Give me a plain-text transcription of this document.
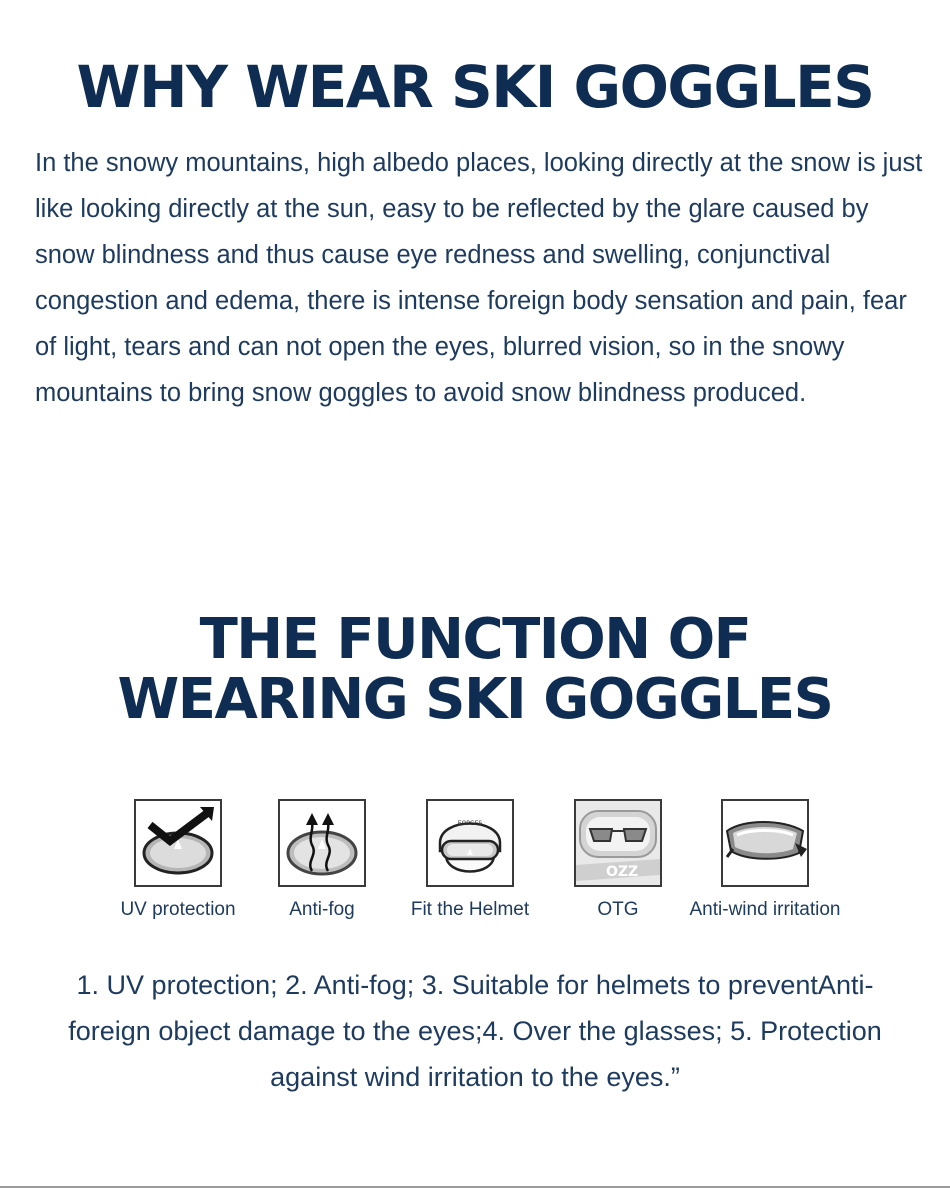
WHY WEAR SKI GOGGLES

In the snowy mountains, high albedo places, looking directly at the snow is just like looking directly at the sun, easy to be reflected by the glare caused by snow blindness and thus cause eye redness and swelling, conjunctival congestion and edema, there is intense foreign body sensation and pain, fear of light, tears and can not open the eyes, blurred vision, so in the snowy mountains to bring snow goggles to avoid snow blindness produced.

THE FUNCTION OF
WEARING SKI GOGGLES
UV protection	Anti-fog
EOPGES
Fit the Helmet
OZZ
OTG	Anti-wind irritation

1. UV protection; 2. Anti-fog; 3. Suitable for helmets to preventAnti-foreign object damage to the eyes;4. Over the glasses; 5. Protection against wind irritation to the eyes.”
